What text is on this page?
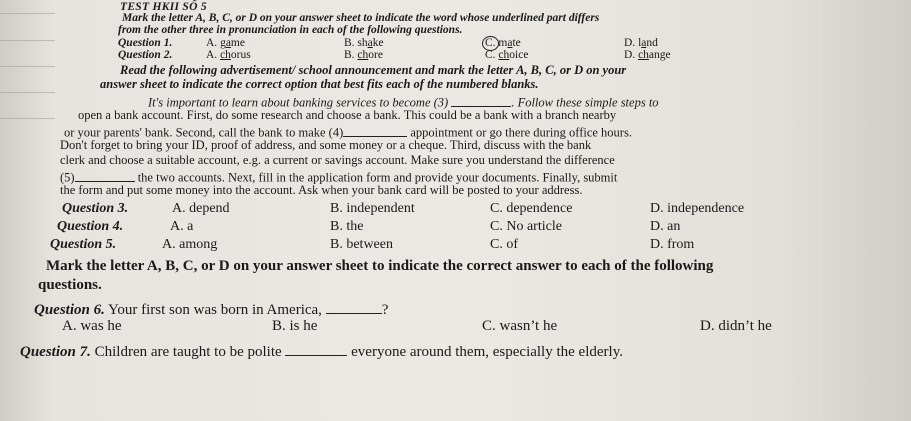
TEST HKII SỐ 5
Mark the letter A, B, C, or D on your answer sheet to indicate the word whose underlined part differs
from the other three in pronunciation in each of the following questions.
Question 1.	A. game	B. shake	C. mate	D. land
Question 2.	A. chorus	B. chore	C. choice	D. change
Read the following advertisement/ school announcement and mark the letter A, B, C, or D on your
answer sheet to indicate the correct option that best fits each of the numbered blanks.
It's important to learn about banking services to become (3)	. Follow these simple steps to
open a bank account. First, do some research and choose a bank. This could be a bank with a branch nearby
or your parents' bank. Second, call the bank to make (4)	appointment or go there during office hours.
Don't forget to bring your ID, proof of address, and some money or a cheque. Third, discuss with the bank
clerk and choose a suitable account, e.g. a current or savings account. Make sure you understand the difference
(5)	the two accounts. Next, fill in the application form and provide your documents. Finally, submit
the form and put some money into the account. Ask when your bank card will be posted to your address.
Question 3.	A. depend	B. independent	C. dependence	D. independence
Question 4.	A. a	B. the	C. No article	D. an
Question 5.	A. among	B. between	C. of	D. from
Mark the letter A, B, C, or D on your answer sheet to indicate the correct answer to each of the following
questions.
Question 6. Your first son was born in America,	?
A. was he	B. is he	C. wasn’t he	D. didn’t he
Question 7. Children are taught to be polite	everyone around them, especially the elderly.
